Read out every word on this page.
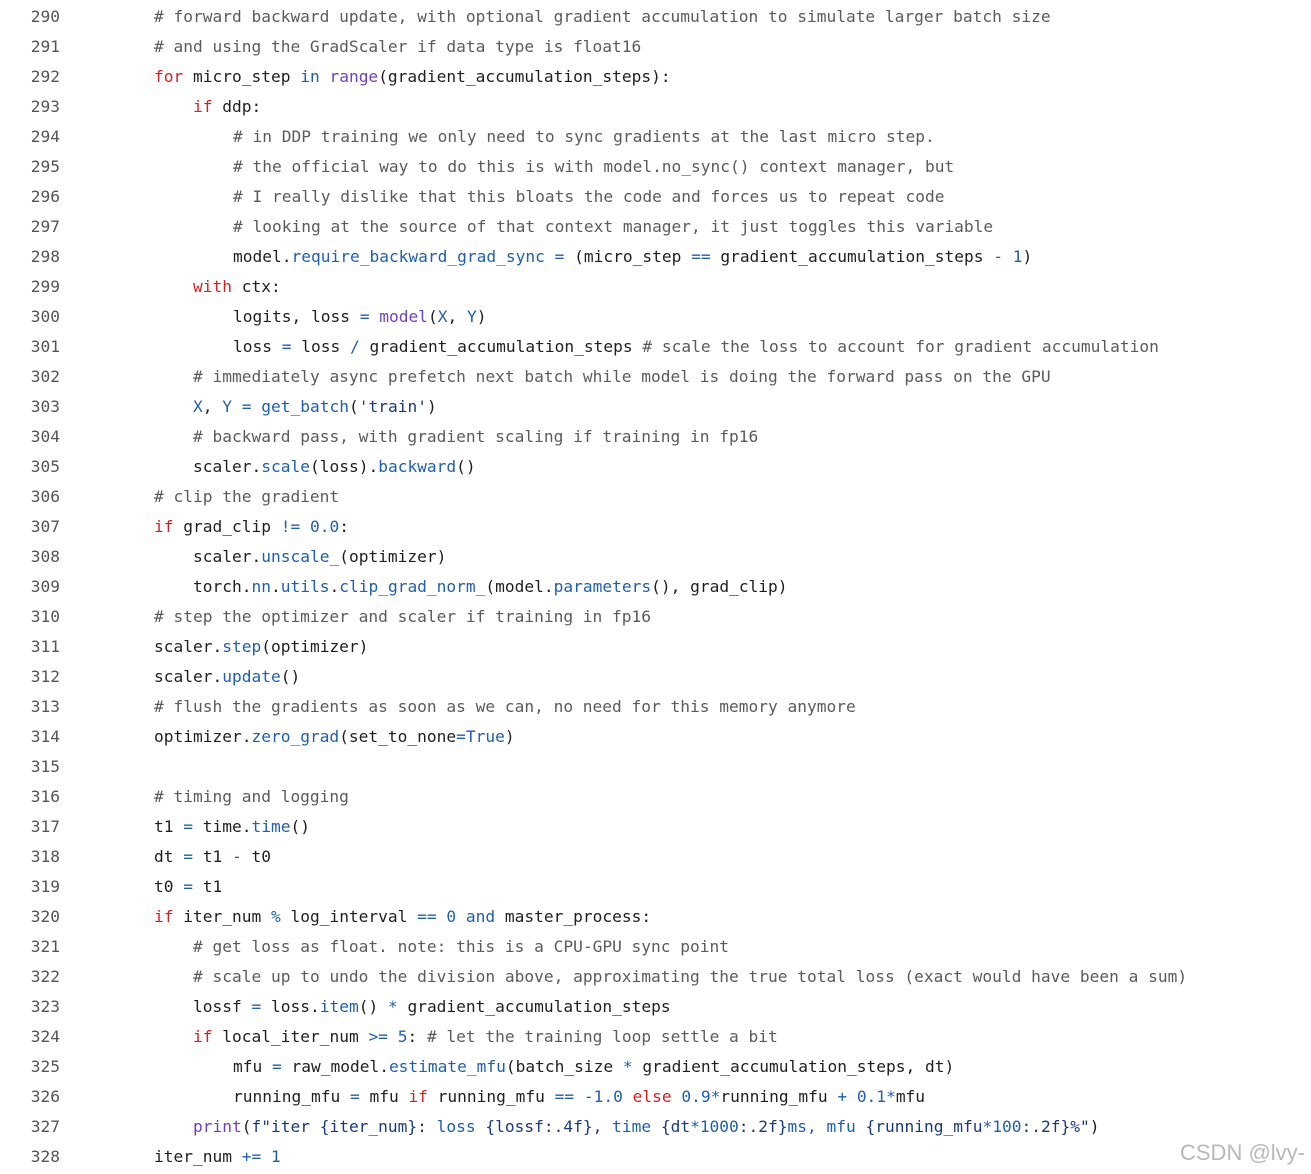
290	# forward backward update, with optional gradient accumulation to simulate larger batch size
291	# and using the GradScaler if data type is float16
292	for micro_step in range(gradient_accumulation_steps):
293	if ddp:
294	# in DDP training we only need to sync gradients at the last micro step.
295	# the official way to do this is with model.no_sync() context manager, but
296	# I really dislike that this bloats the code and forces us to repeat code
297	# looking at the source of that context manager, it just toggles this variable
298	model.require_backward_grad_sync = (micro_step == gradient_accumulation_steps - 1)
299	with ctx:
300	logits, loss = model(X, Y)
301	loss = loss / gradient_accumulation_steps # scale the loss to account for gradient accumulation
302	# immediately async prefetch next batch while model is doing the forward pass on the GPU
303	X, Y = get_batch('train')
304	# backward pass, with gradient scaling if training in fp16
305	scaler.scale(loss).backward()
306	# clip the gradient
307	if grad_clip != 0.0:
308	scaler.unscale_(optimizer)
309	torch.nn.utils.clip_grad_norm_(model.parameters(), grad_clip)
310	# step the optimizer and scaler if training in fp16
311	scaler.step(optimizer)
312	scaler.update()
313	# flush the gradients as soon as we can, no need for this memory anymore
314	optimizer.zero_grad(set_to_none=True)
315
316	# timing and logging
317	t1 = time.time()
318	dt = t1 - t0
319	t0 = t1
320	if iter_num % log_interval == 0 and master_process:
321	# get loss as float. note: this is a CPU-GPU sync point
322	# scale up to undo the division above, approximating the true total loss (exact would have been a sum)
323	lossf = loss.item() * gradient_accumulation_steps
324	if local_iter_num >= 5: # let the training loop settle a bit
325	mfu = raw_model.estimate_mfu(batch_size * gradient_accumulation_steps, dt)
326	running_mfu = mfu if running_mfu == -1.0 else 0.9*running_mfu + 0.1*mfu
327	print(f"iter {iter_num}: loss {lossf:.4f}, time {dt*1000:.2f}ms, mfu {running_mfu*100:.2f}%")
328	iter_num += 1	CSDN @lvy-
